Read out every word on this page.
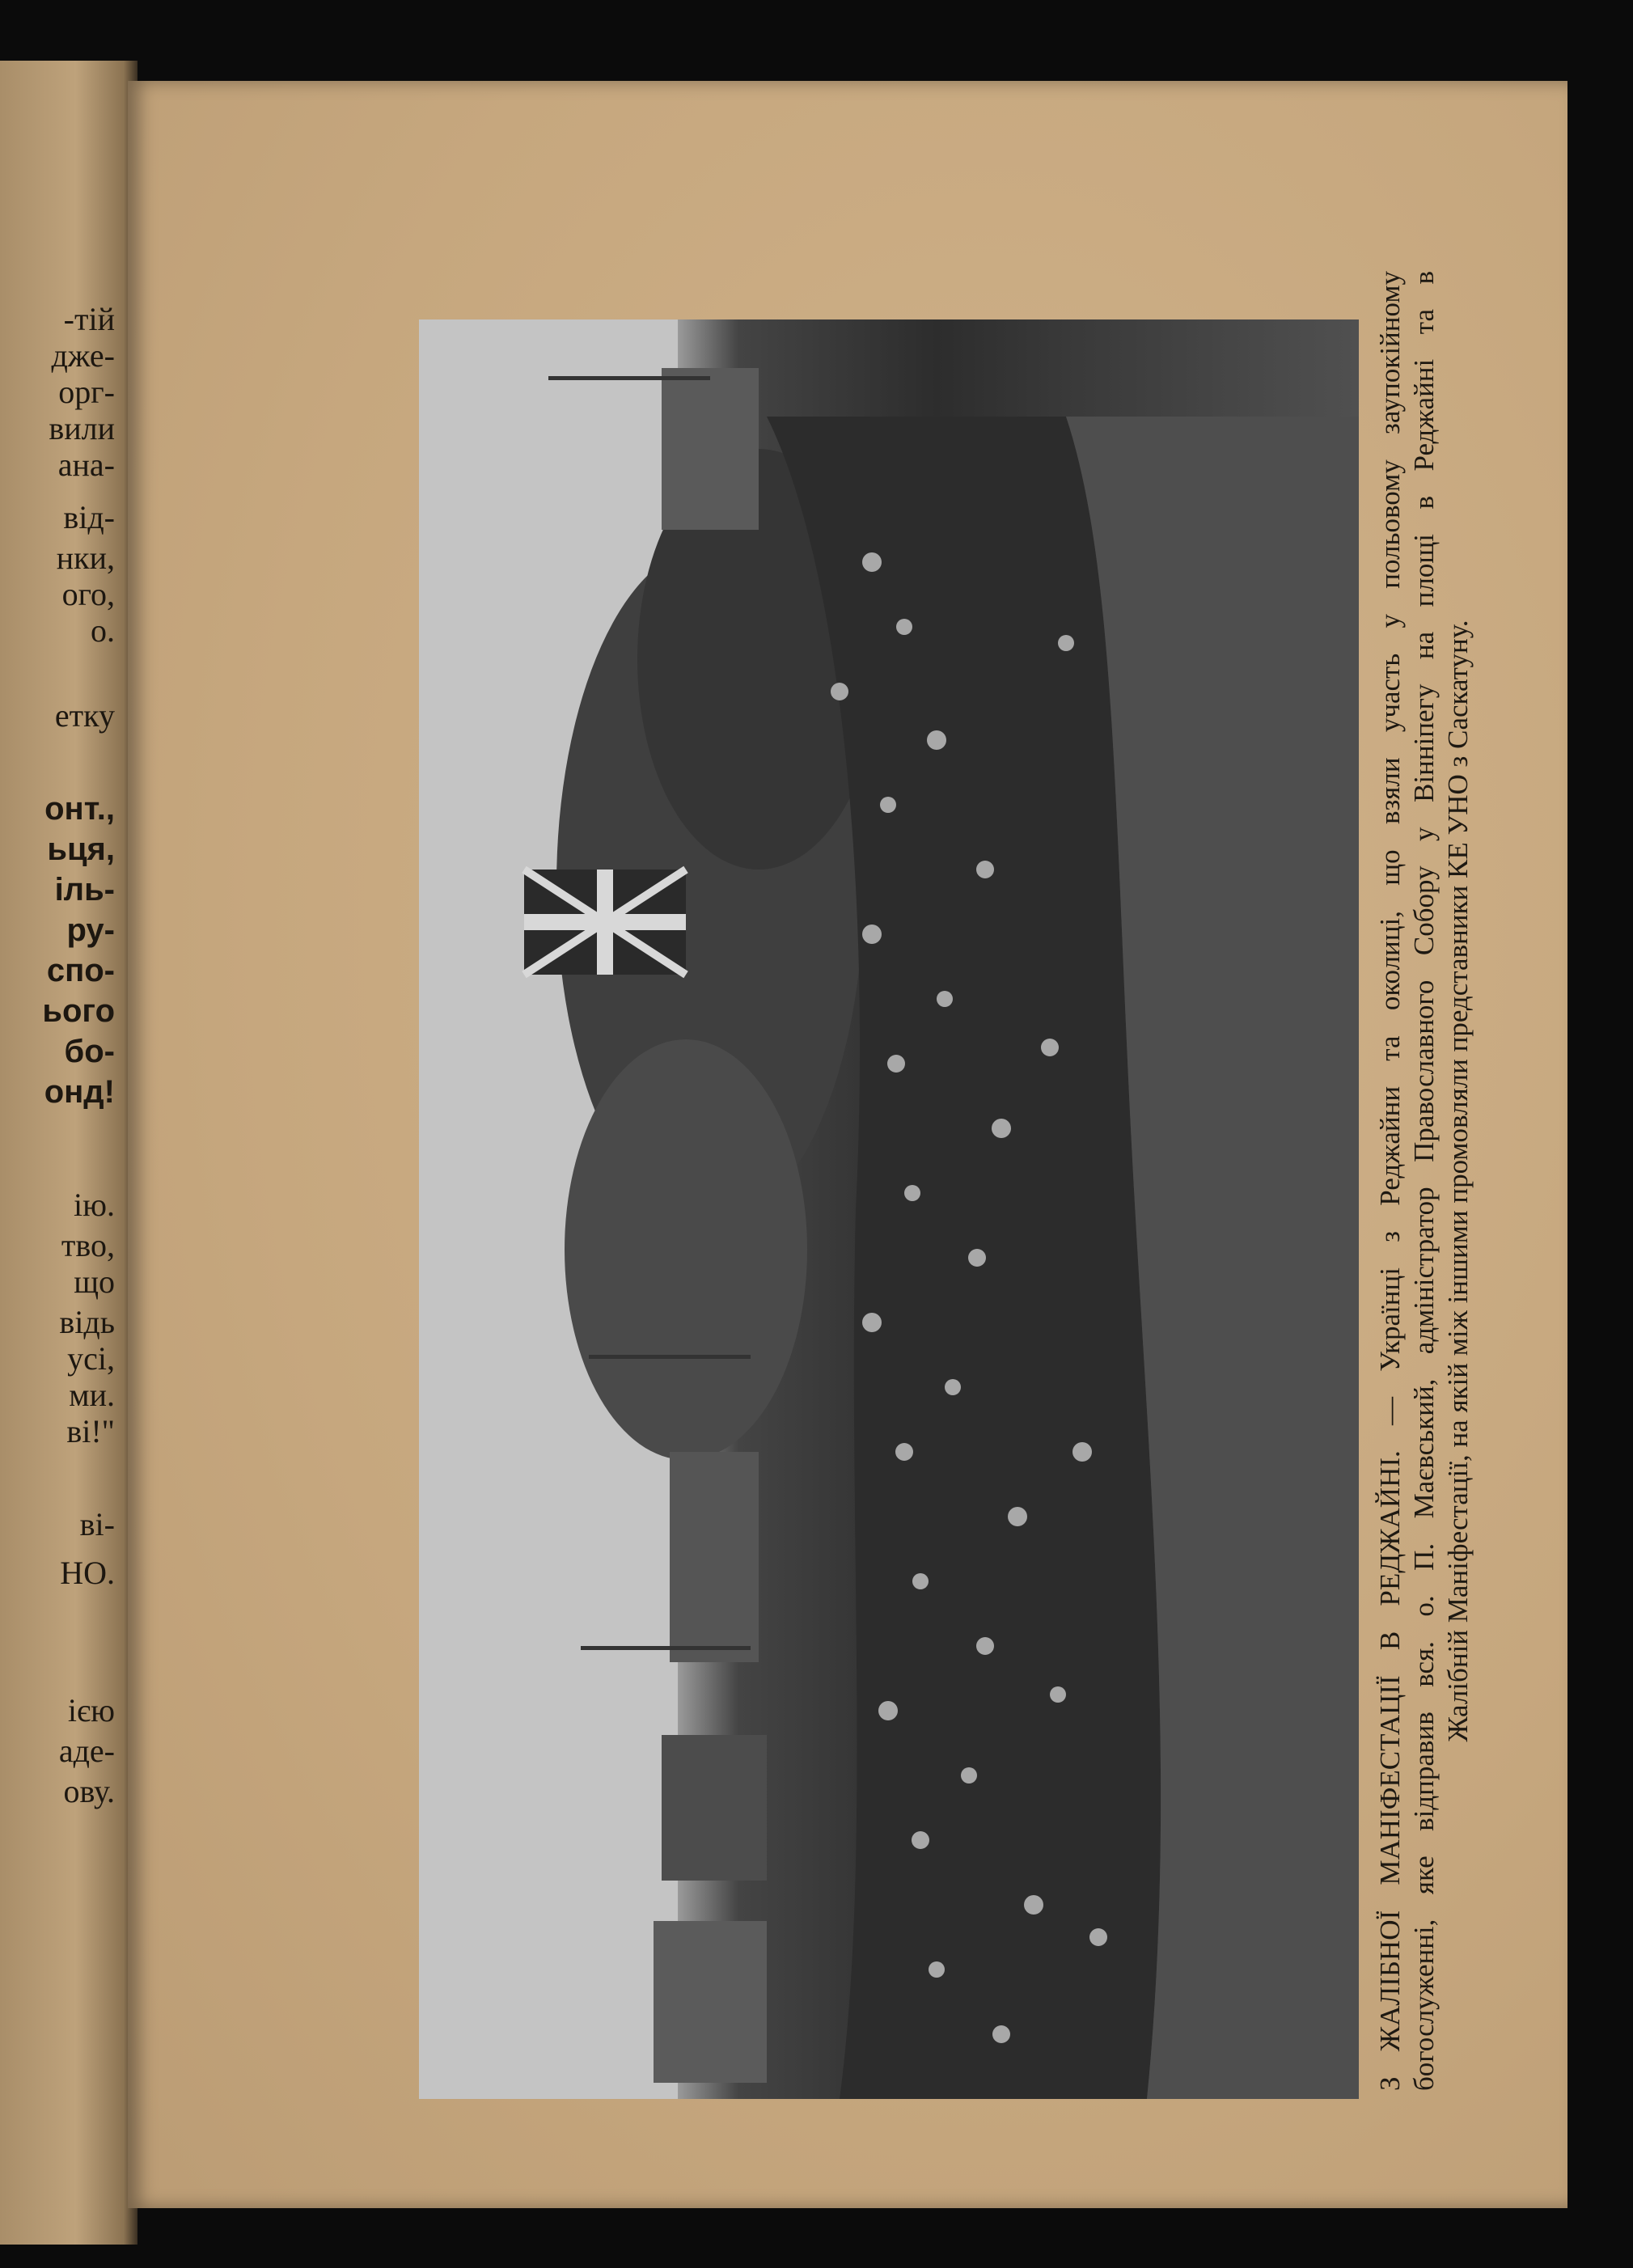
-тій
дже-
орг-
вили
ана-
від-
нки,
ого,
о.
етку
онт.,
ьця,
іль-
ру-
спо-
ього
бо-
онд!
ію.
тво,
що
відь
усі,
ми.
ві!"
ві-
НО.
ією
аде-
ову.	З ЖАЛІБНОЇ МАНІФЕСТАЦІЇ В РЕДЖАЙНІ. — Українці з Реджайни та околиці, що взяли участь у польовому заупокійному богослуженні, яке відправив вся. о. П. Маєвський, адміністратор Православного Собору у Вінніпегу на площі в Реджайні та в Жалібній Маніфестації, на якій між іншими промовляли представники КЕ УНО з Саскатуну.
